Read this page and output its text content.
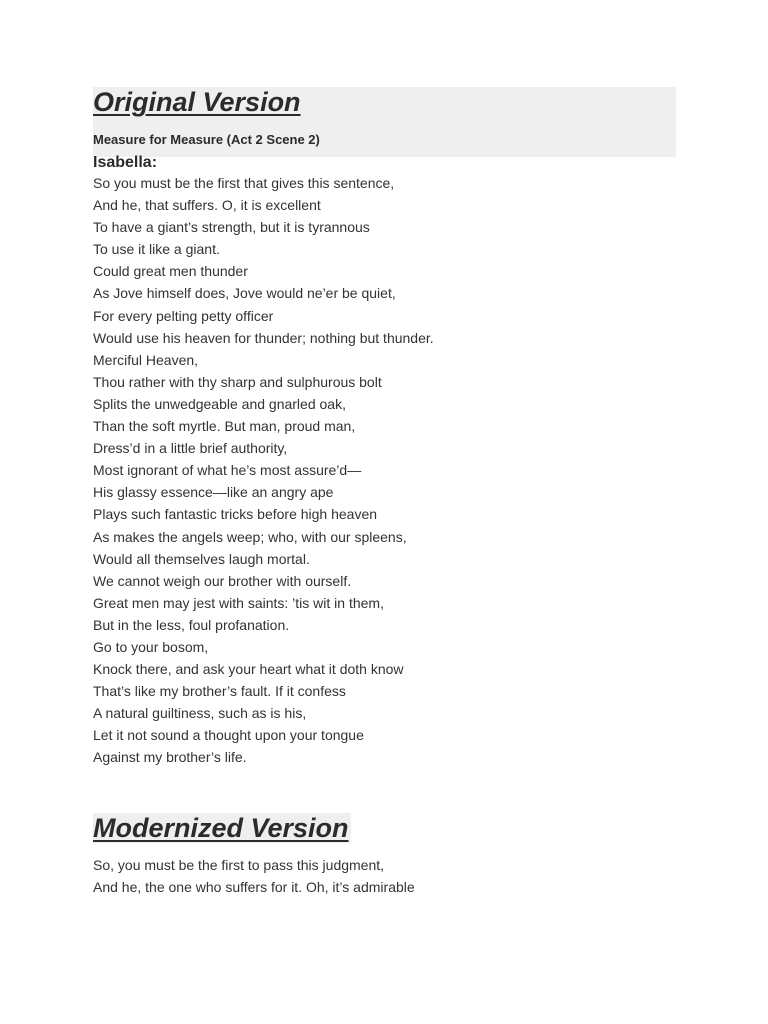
Original Version
Measure for Measure (Act 2 Scene 2)
Isabella:
So you must be the first that gives this sentence,
And he, that suffers. O, it is excellent
To have a giant’s strength, but it is tyrannous
To use it like a giant.
Could great men thunder
As Jove himself does, Jove would ne’er be quiet,
For every pelting petty officer
Would use his heaven for thunder; nothing but thunder.
Merciful Heaven,
Thou rather with thy sharp and sulphurous bolt
Splits the unwedgeable and gnarled oak,
Than the soft myrtle. But man, proud man,
Dress’d in a little brief authority,
Most ignorant of what he’s most assure’d—
His glassy essence—like an angry ape
Plays such fantastic tricks before high heaven
As makes the angels weep; who, with our spleens,
Would all themselves laugh mortal.
We cannot weigh our brother with ourself.
Great men may jest with saints: ’tis wit in them,
But in the less, foul profanation.
Go to your bosom,
Knock there, and ask your heart what it doth know
That’s like my brother’s fault. If it confess
A natural guiltiness, such as is his,
Let it not sound a thought upon your tongue
Against my brother’s life.
Modernized Version
So, you must be the first to pass this judgment,
And he, the one who suffers for it. Oh, it’s admirable
